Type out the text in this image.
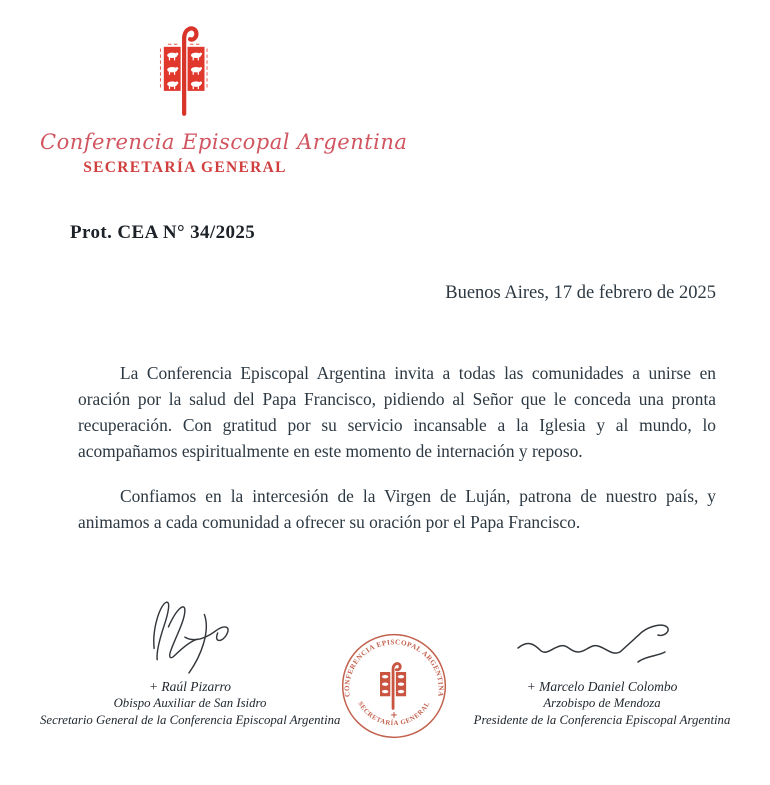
Conferencia Episcopal Argentina
SECRETARÍA GENERAL
Prot. CEA N° 34/2025
Buenos Aires, 17 de febrero de 2025

La Conferencia Episcopal Argentina invita a todas las comunidades a unirse en oración por la salud del Papa Francisco, pidiendo al Señor que le conceda una pronta recuperación. Con gratitud por su servicio incansable a la Iglesia y al mundo, lo acompañamos espiritualmente en este momento de internación y reposo.

Confiamos en la intercesión de la Virgen de Luján, patrona de nuestro país, y animamos a cada comunidad a ofrecer su oración por el Papa Francisco.

+ Raúl Pizarro
Obispo Auxiliar de San Isidro
Secretario General de la Conferencia Episcopal Argentina
CONFERENCIA EPISCOPAL ARGENTINA
SECRETARÍA GENERAL
+ Marcelo Daniel Colombo
Arzobispo de Mendoza
Presidente de la Conferencia Episcopal Argentina
